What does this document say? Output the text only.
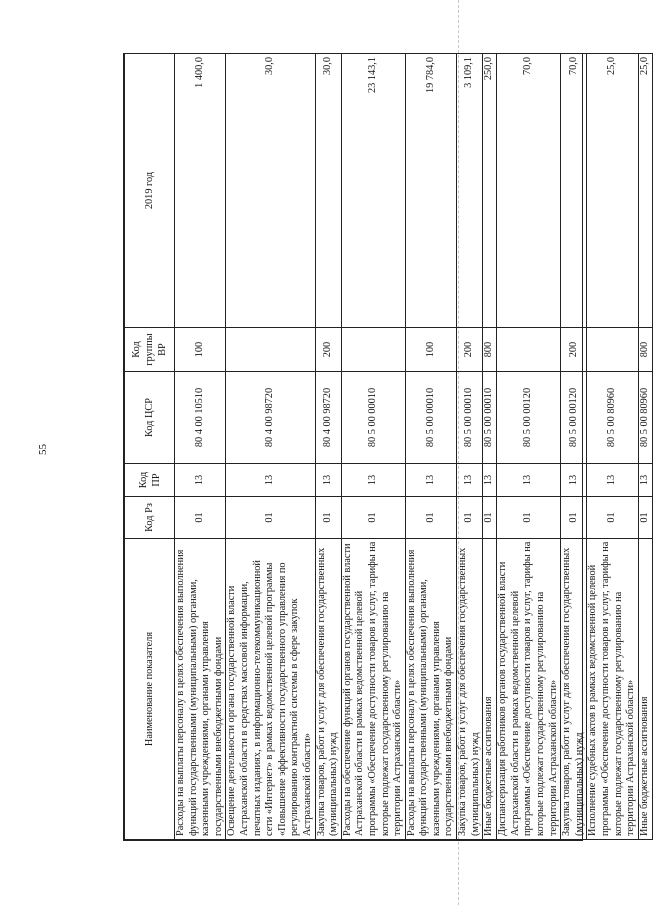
55
Наименование показателя	Код Рз	Код ПР	Код ЦСР	Код группы ВР	2019 год
Расходы на выплаты персоналу в целях обеспечения выполнения функций государственными (муниципальными) органами, казенными учреждениями, органами управления государственными внебюджетными фондами	01	13	80 4 00 10510	100	1 400,0
Освещение деятельности органа государственной власти Астраханской области в средствах массовой информации, печатных изданиях, в информационно-телекоммуникационной сети «Интернет» в рамках ведомственной целевой программы «Повышение эффективности государственного управления по регулированию контрактной системы в сфере закупок Астраханской области»	01	13	80 4 00 98720		30,0
Закупка товаров, работ и услуг для обеспечения государственных (муниципальных) нужд	01	13	80 4 00 98720	200	30,0
Расходы на обеспечение функций органов государственной власти Астраханской области в рамках ведомственной целевой программы «Обеспечение доступности товаров и услуг, тарифы на которые подлежат государственному регулированию на территории Астраханской области»	01	13	80 5 00 00010		23 143,1
Расходы на выплаты персоналу в целях обеспечения выполнения функций государственными (муниципальными) органами, казенными учреждениями, органами управления государственными внебюджетными фондами	01	13	80 5 00 00010	100	19 784,0
Закупка товаров, работ и услуг для обеспечения государственных (муниципальных) нужд	01	13	80 5 00 00010	200	3 109,1
Иные бюджетные ассигнования	01	13	80 5 00 00010	800	250,0
Диспансеризация работников органов государственной власти Астраханской области в рамках ведомственной целевой программы «Обеспечение доступности товаров и услуг, тарифы на которые подлежат государственному регулированию на территории Астраханской области»	01	13	80 5 00 00120		70,0
Закупка товаров, работ и услуг для обеспечения государственных (муниципальных) нужд	01	13	80 5 00 00120	200	70,0
Исполнение судебных актов в рамках ведомственной целевой программы «Обеспечение доступности товаров и услуг, тарифы на которые подлежат государственному регулированию на территории Астраханской области»	01	13	80 5 00 80960		25,0
Иные бюджетные ассигнования	01	13	80 5 00 80960	800	25,0
